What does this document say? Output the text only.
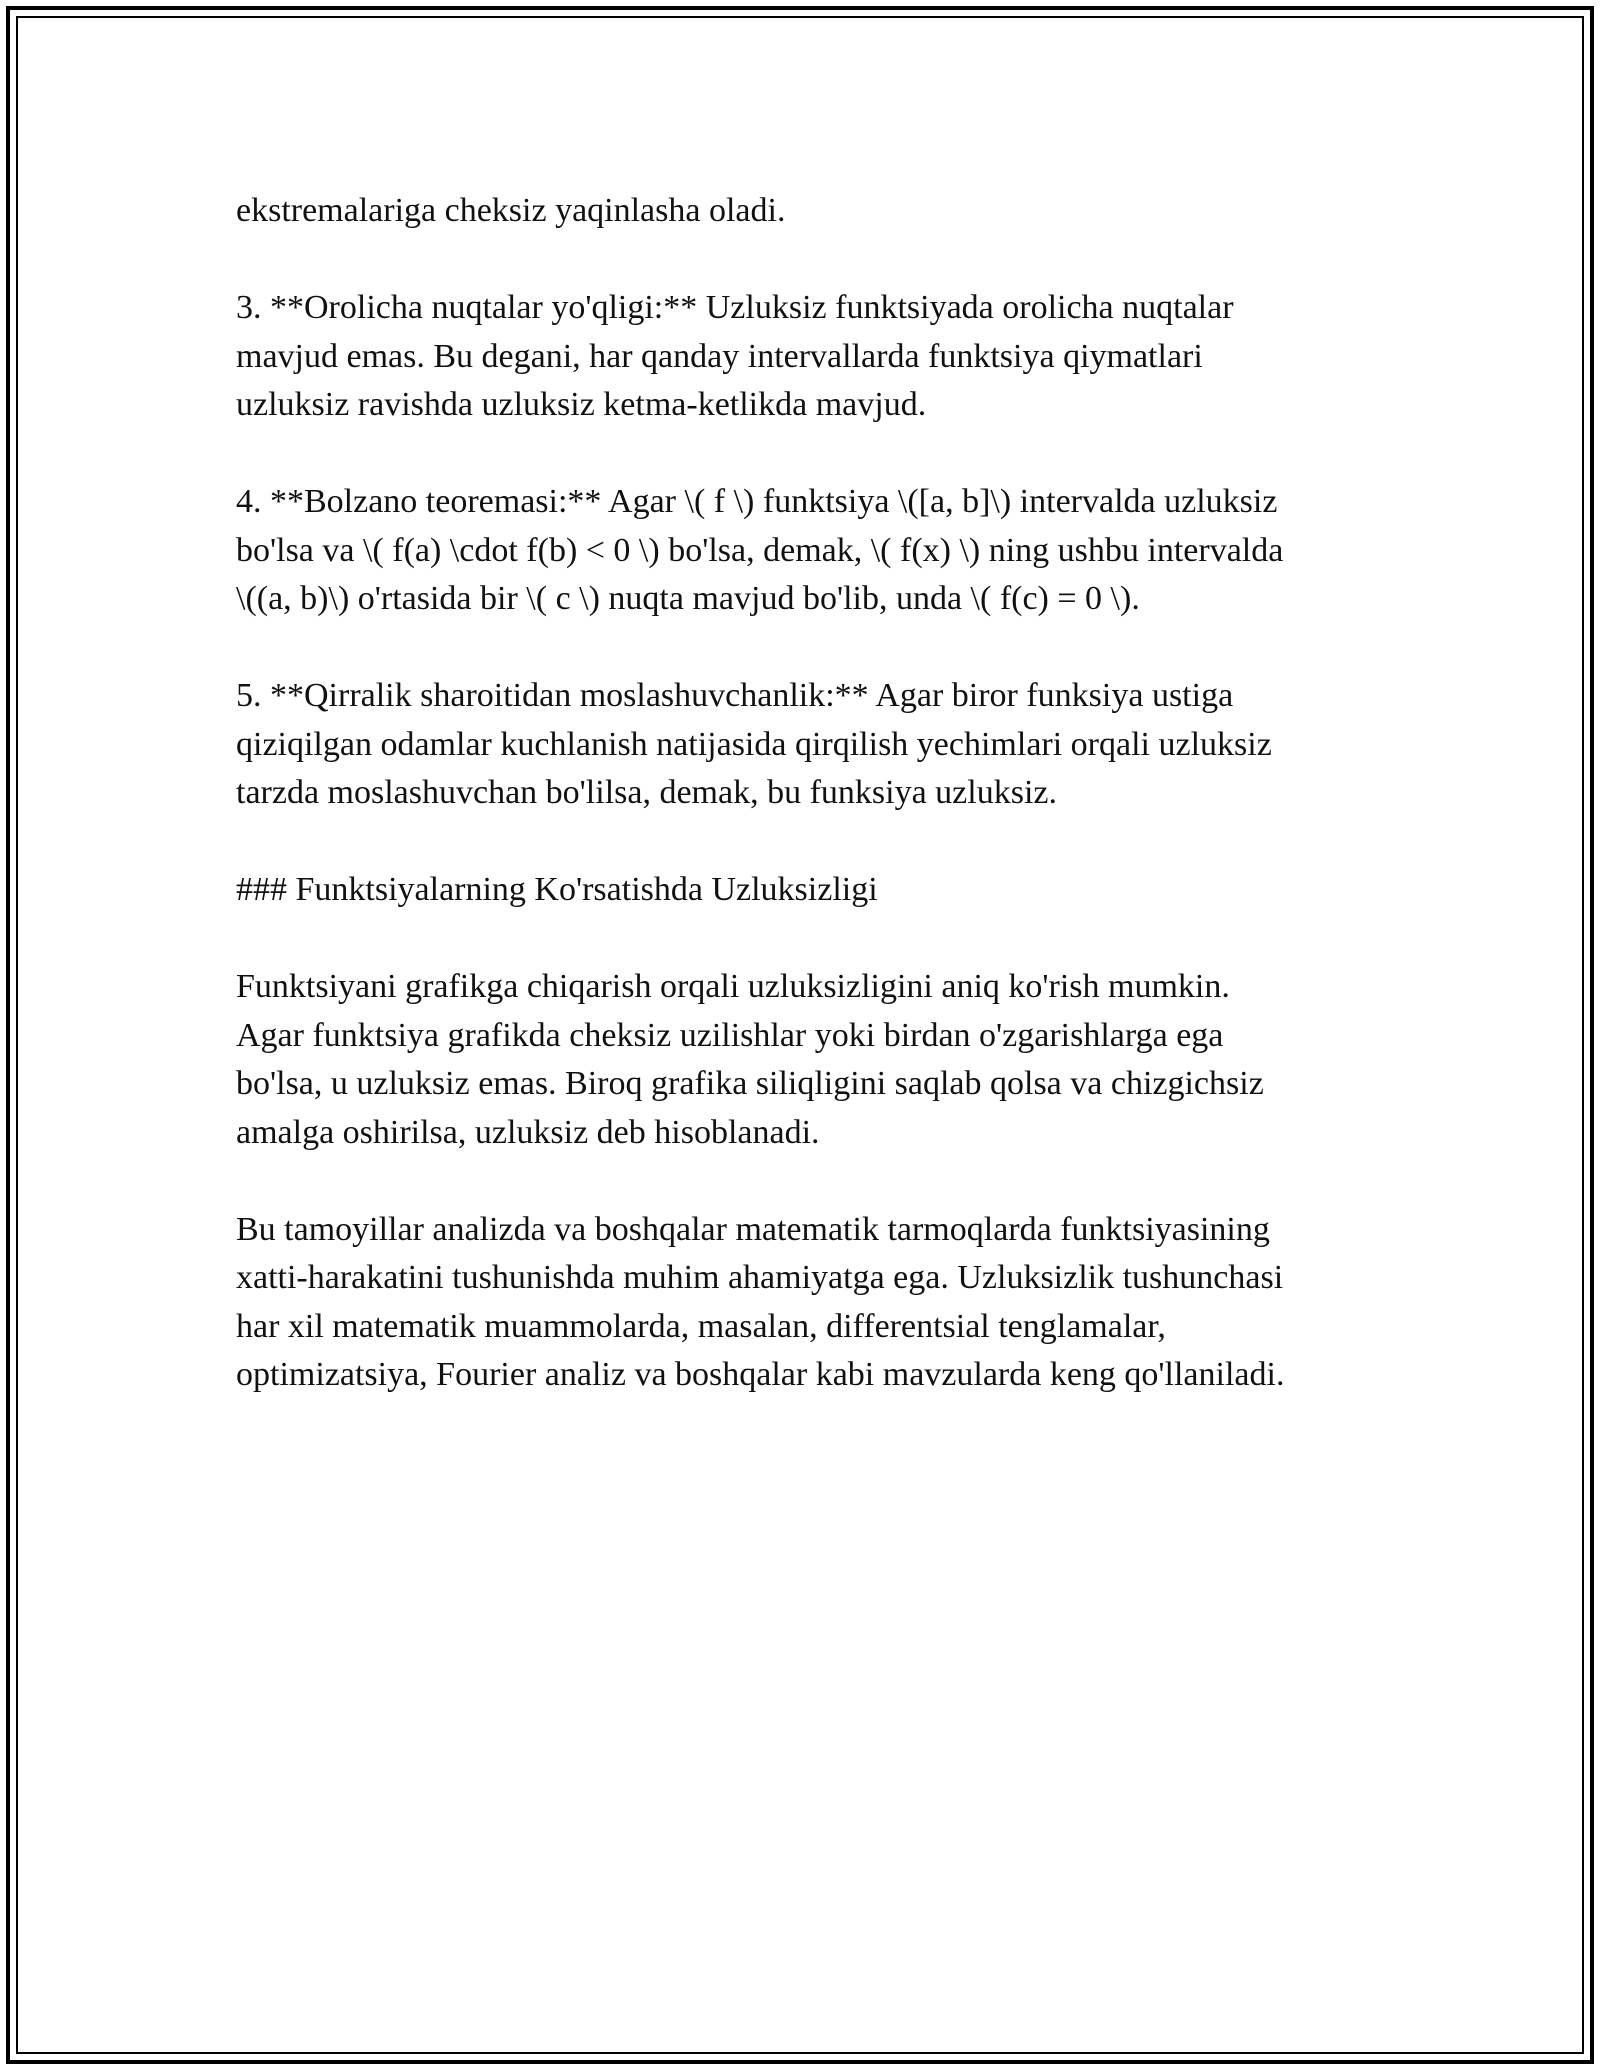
ekstremalariga cheksiz yaqinlasha oladi.

3. **Orolicha nuqtalar yo'qligi:** Uzluksiz funktsiyada orolicha nuqtalar
mavjud emas. Bu degani, har qanday intervallarda funktsiya qiymatlari
uzluksiz ravishda uzluksiz ketma-ketlikda mavjud.

4. **Bolzano teoremasi:** Agar \( f \) funktsiya \([a, b]\) intervalda uzluksiz
bo'lsa va \( f(a) \cdot f(b) < 0 \) bo'lsa, demak, \( f(x) \) ning ushbu intervalda
\((a, b)\) o'rtasida bir \( c \) nuqta mavjud bo'lib, unda \( f(c) = 0 \).

5. **Qirralik sharoitidan moslashuvchanlik:** Agar biror funksiya ustiga
qiziqilgan odamlar kuchlanish natijasida qirqilish yechimlari orqali uzluksiz
tarzda moslashuvchan bo'lilsa, demak, bu funksiya uzluksiz.

### Funktsiyalarning Ko'rsatishda Uzluksizligi

Funktsiyani grafikga chiqarish orqali uzluksizligini aniq ko'rish mumkin.
Agar funktsiya grafikda cheksiz uzilishlar yoki birdan o'zgarishlarga ega
bo'lsa, u uzluksiz emas. Biroq grafika siliqligini saqlab qolsa va chizgichsiz
amalga oshirilsa, uzluksiz deb hisoblanadi.

Bu tamoyillar analizda va boshqalar matematik tarmoqlarda funktsiyasining
xatti-harakatini tushunishda muhim ahamiyatga ega. Uzluksizlik tushunchasi
har xil matematik muammolarda, masalan, differentsial tenglamalar,
optimizatsiya, Fourier analiz va boshqalar kabi mavzularda keng qo'llaniladi.
